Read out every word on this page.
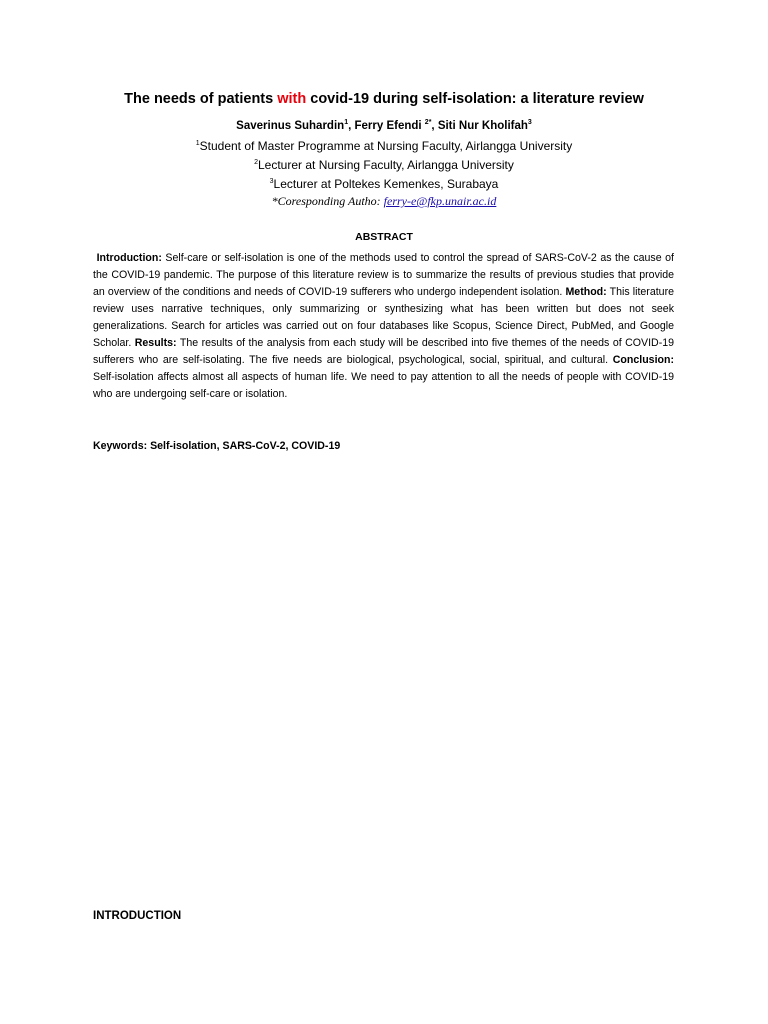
The needs of patients with covid-19 during self-isolation: a literature review
Saverinus Suhardin$^1$, Ferry Efendi $^{2*}$, Siti Nur Kholifah$^3$
$^1$Student of Master Programme at Nursing Faculty, Airlangga University
$^2$Lecturer at Nursing Faculty, Airlangga University
$^3$Lecturer at Poltekes Kemenkes, Surabaya
*Coresponding Autho: ferry-e@fkp.unair.ac.id
ABSTRACT
Introduction: Self-care or self-isolation is one of the methods used to control the spread of SARS-CoV-2 as the cause of the COVID-19 pandemic. The purpose of this literature review is to summarize the results of previous studies that provide an overview of the conditions and needs of COVID-19 sufferers who undergo independent isolation. Method: This literature review uses narrative techniques, only summarizing or synthesizing what has been written but does not seek generalizations. Search for articles was carried out on four databases like Scopus, Science Direct, PubMed, and Google Scholar. Results: The results of the analysis from each study will be described into five themes of the needs of COVID-19 sufferers who are self-isolating. The five needs are biological, psychological, social, spiritual, and cultural. Conclusion: Self-isolation affects almost all aspects of human life. We need to pay attention to all the needs of people with COVID-19 who are undergoing self-care or isolation.
Keywords: Self-isolation, SARS-CoV-2, COVID-19
INTRODUCTION
